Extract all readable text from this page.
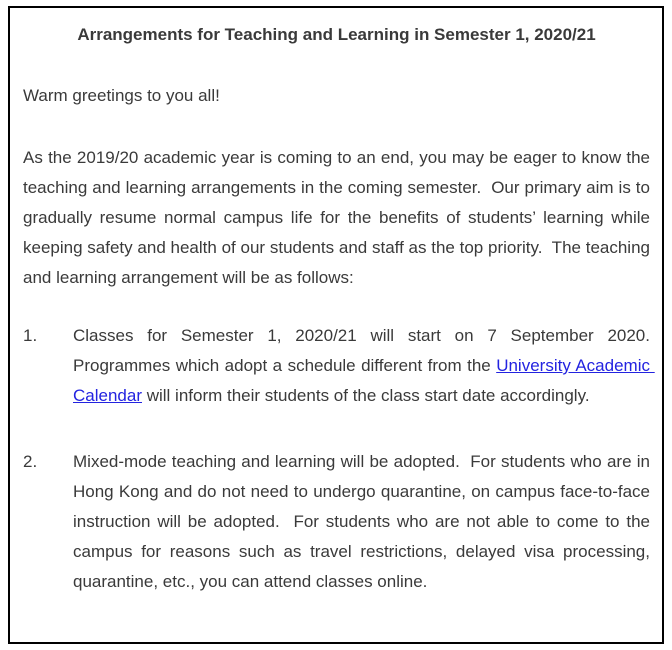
Arrangements for Teaching and Learning in Semester 1, 2020/21
Warm greetings to you all!
As the 2019/20 academic year is coming to an end, you may be eager to know the teaching and learning arrangements in the coming semester.  Our primary aim is to gradually resume normal campus life for the benefits of students’ learning while keeping safety and health of our students and staff as the top priority.  The teaching and learning arrangement will be as follows:
1.	Classes for Semester 1, 2020/21 will start on 7 September 2020.  Programmes which adopt a schedule different from the University Academic Calendar will inform their students of the class start date accordingly.

2.	Mixed-mode teaching and learning will be adopted.  For students who are in Hong Kong and do not need to undergo quarantine, on campus face-to-face instruction will be adopted.  For students who are not able to come to the campus for reasons such as travel restrictions, delayed visa processing, quarantine, etc., you can attend classes online.
